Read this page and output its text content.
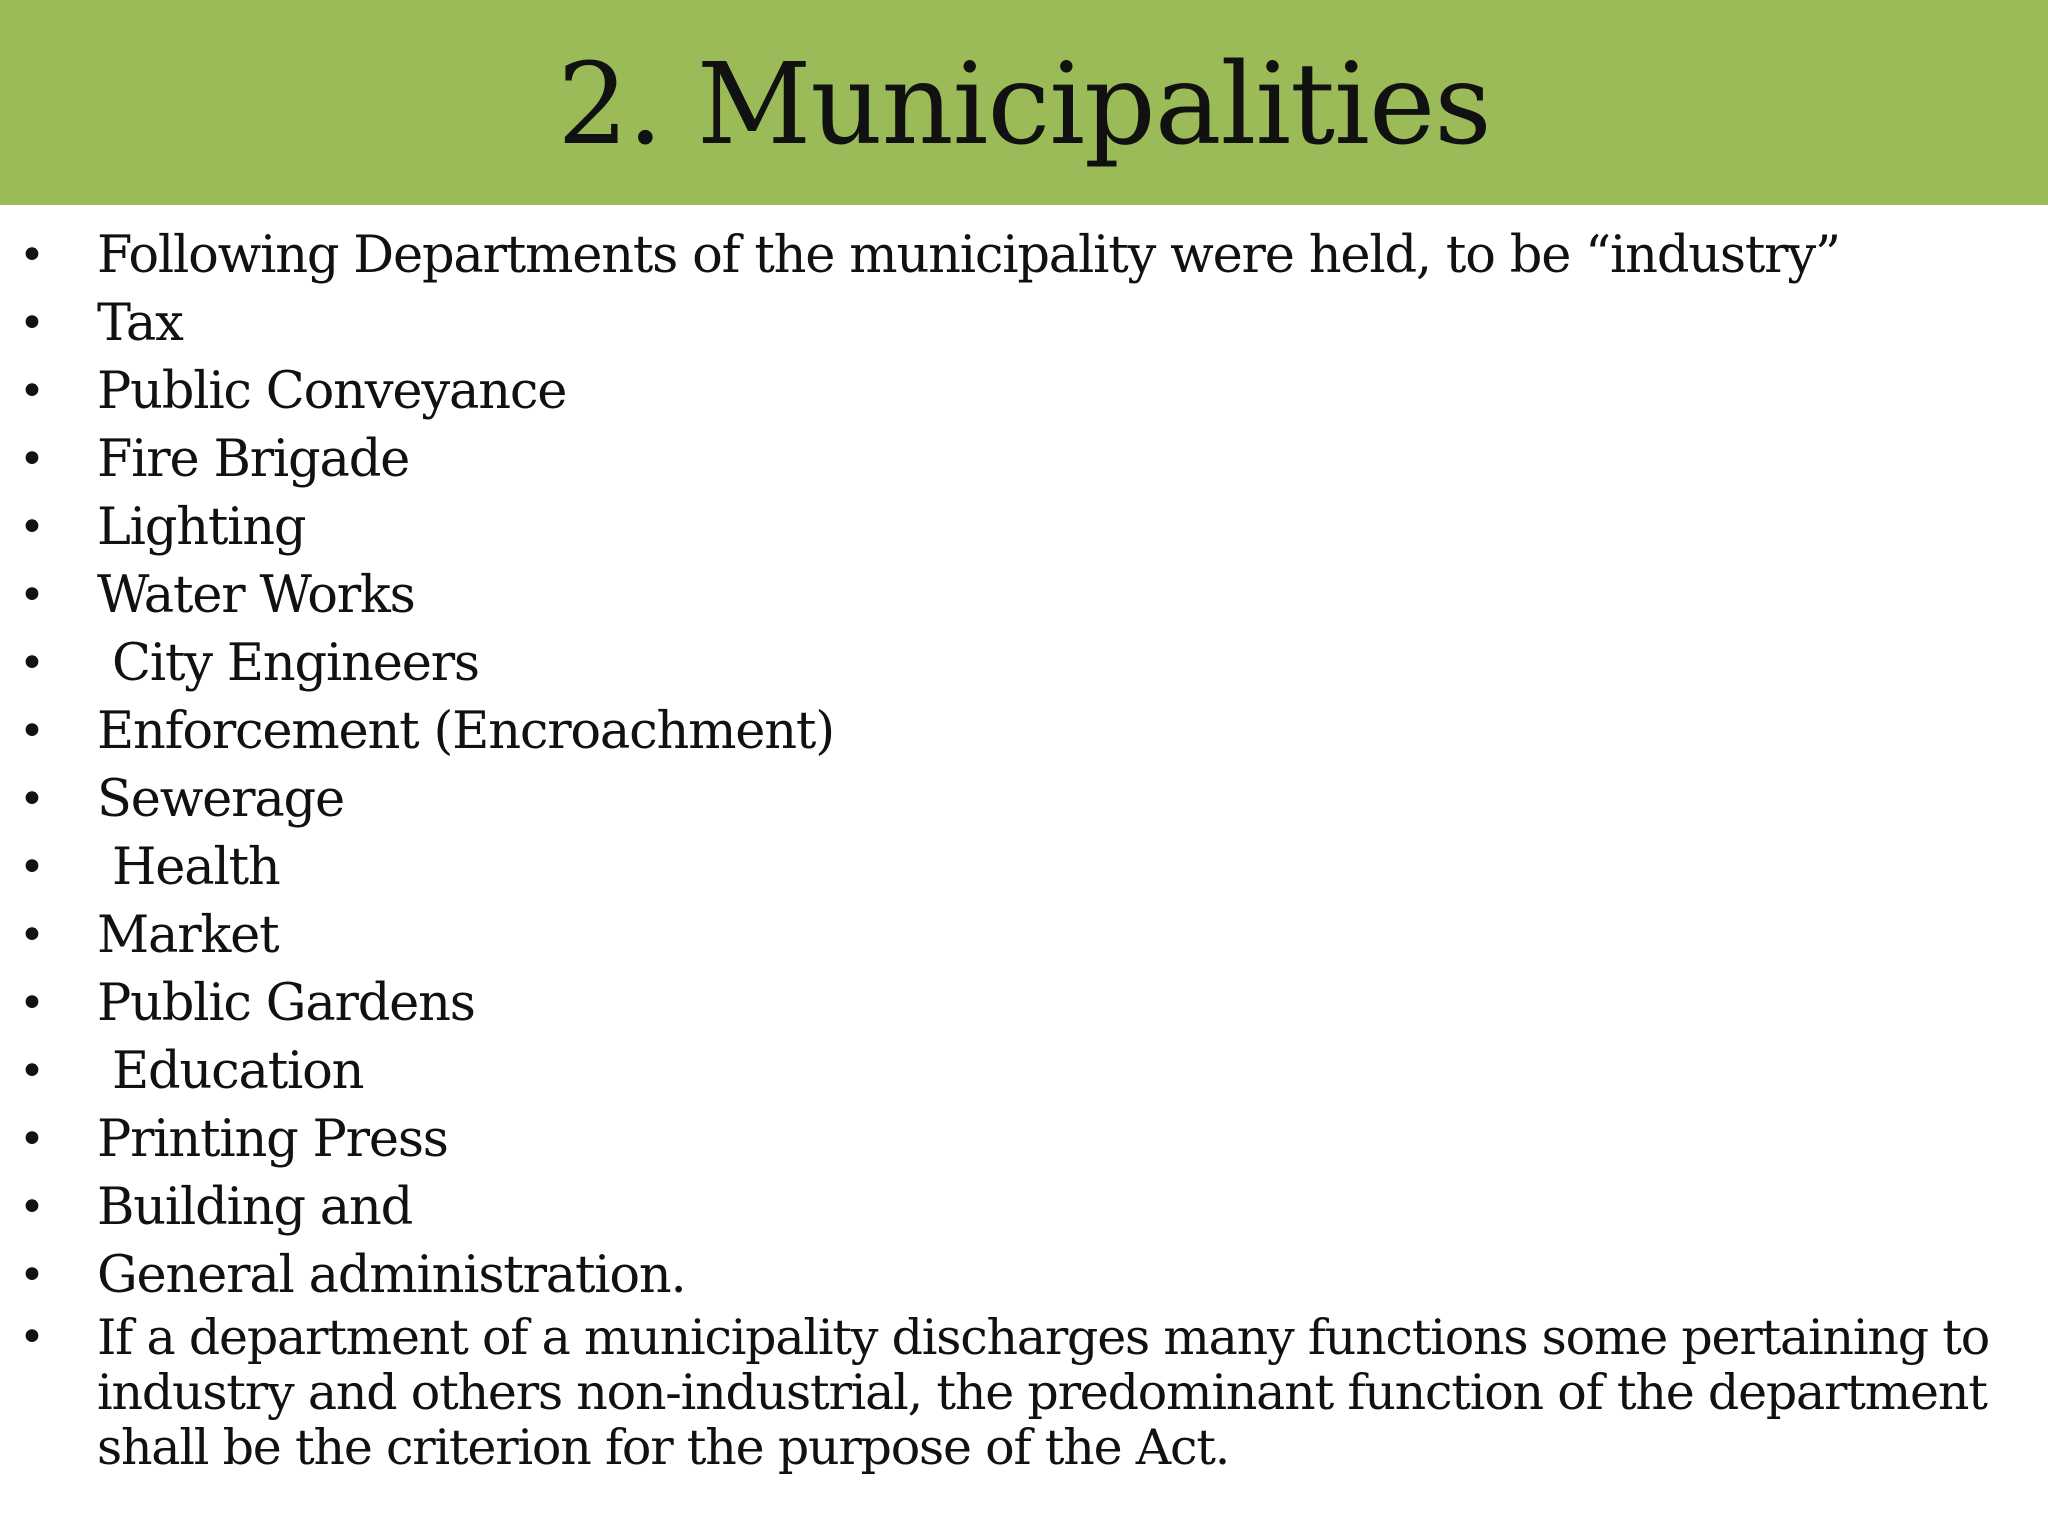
2. Municipalities
•	Following Departments of the municipality were held, to be “industry”
•	Tax
•	Public Conveyance
•	Fire Brigade
•	Lighting
•	Water Works
•	City Engineers
•	Enforcement (Encroachment)
•	Sewerage
•	Health
•	Market
•	Public Gardens
•	Education
•	Printing Press
•	Building and
•	General administration.
•	If a department of a municipality discharges many functions some pertaining to industry and others non-industrial, the predominant function of the department shall be the criterion for the purpose of the Act.
